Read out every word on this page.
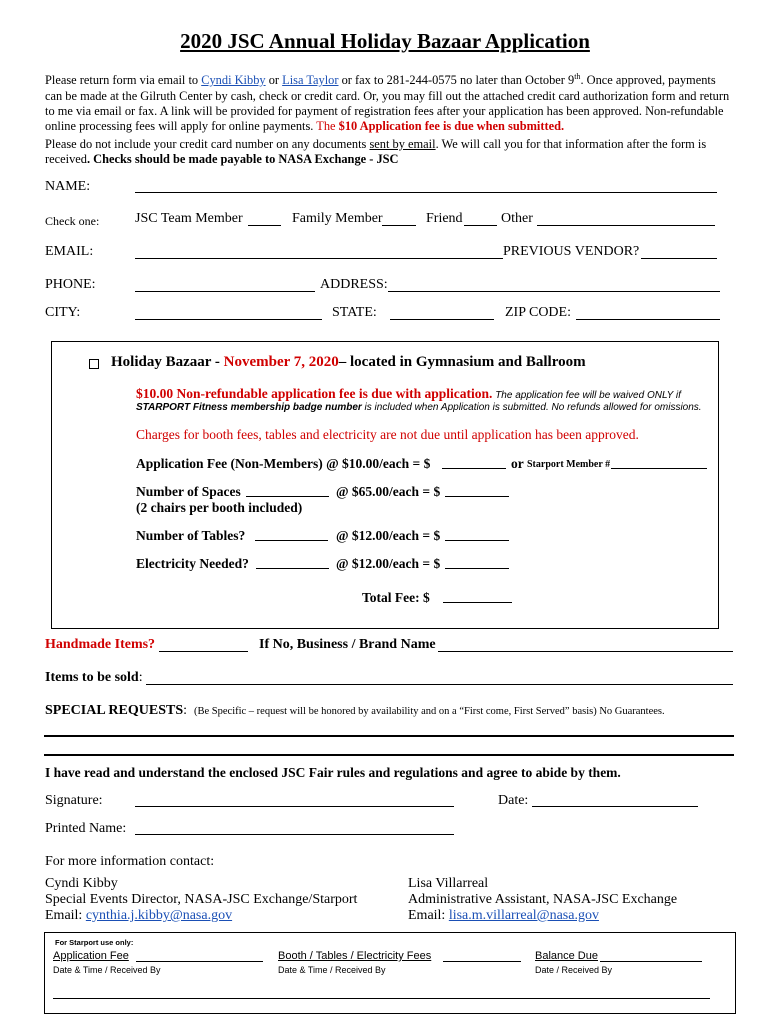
2020 JSC Annual Holiday Bazaar Application
Please return form via email to Cyndi Kibby or Lisa Taylor or fax to 281-244-0575 no later than October 9th. Once approved, payments can be made at the Gilruth Center by cash, check or credit card. Or, you may fill out the attached credit card authorization form and return to me via email or fax. A link will be provided for payment of registration fees after your application has been approved. Non-refundable online processing fees will apply for online payments. The $10 Application fee is due when submitted.
Please do not include your credit card number on any documents sent by email. We will call you for that information after the form is received. Checks should be made payable to NASA Exchange - JSC
NAME:
Check one:	JSC Team Member	Family Member	Friend	Other
EMAIL:	PREVIOUS VENDOR?
PHONE:	ADDRESS:
CITY:	STATE:	ZIP CODE:
Holiday Bazaar - November 7, 2020– located in Gymnasium and Ballroom
$10.00 Non-refundable application fee is due with application. The application fee will be waived ONLY if
STARPORT Fitness membership badge number is included when Application is submitted. No refunds allowed for omissions.
Charges for booth fees, tables and electricity are not due until application has been approved.
Application Fee (Non-Members) @ $10.00/each = $	or Starport Member #
Number of Spaces	@ $65.00/each = $
(2 chairs per booth included)
Number of Tables?	@ $12.00/each = $
Electricity Needed?	@ $12.00/each = $
Total Fee: $
Handmade Items?	If No, Business / Brand Name
Items to be sold:
SPECIAL REQUESTS: (Be Specific – request will be honored by availability and on a “First come, First Served” basis) No Guarantees.
I have read and understand the enclosed JSC Fair rules and regulations and agree to abide by them.
Signature:	Date:
Printed Name:
For more information contact:
Cyndi Kibby
Special Events Director, NASA-JSC Exchange/Starport
Email: cynthia.j.kibby@nasa.gov
Lisa Villarreal
Administrative Assistant, NASA-JSC Exchange
Email: lisa.m.villarreal@nasa.gov
For Starport use only:
Application Fee	Booth / Tables / Electricity Fees	Balance Due
Date & Time / Received By	Date & Time / Received By	Date / Received By
